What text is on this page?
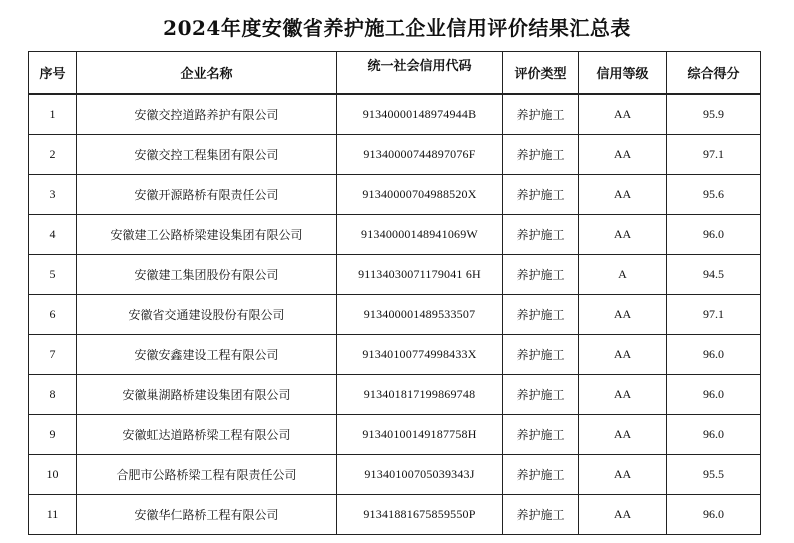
2024年度安徽省养护施工企业信用评价结果汇总表
序号	企业名称	统一社会信用代码	评价类型	信用等级	综合得分
1	安徽交控道路养护有限公司	91340000148974944B	养护施工	AA	95.9
2	安徽交控工程集团有限公司	91340000744897076F	养护施工	AA	97.1
3	安徽开源路桥有限责任公司	91340000704988520X	养护施工	AA	95.6
4	安徽建工公路桥梁建设集团有限公司	91340000148941069W	养护施工	AA	96.0
5	安徽建工集团股份有限公司	91134030071179041 6H	养护施工	A	94.5
6	安徽省交通建设股份有限公司	913400001489533507	养护施工	AA	97.1
7	安徽安鑫建设工程有限公司	91340100774998433X	养护施工	AA	96.0
8	安徽巢湖路桥建设集团有限公司	913401817199869748	养护施工	AA	96.0
9	安徽虹达道路桥梁工程有限公司	91340100149187758H	养护施工	AA	96.0
10	合肥市公路桥梁工程有限责任公司	91340100705039343J	养护施工	AA	95.5
11	安徽华仁路桥工程有限公司	91341881675859550P	养护施工	AA	96.0
